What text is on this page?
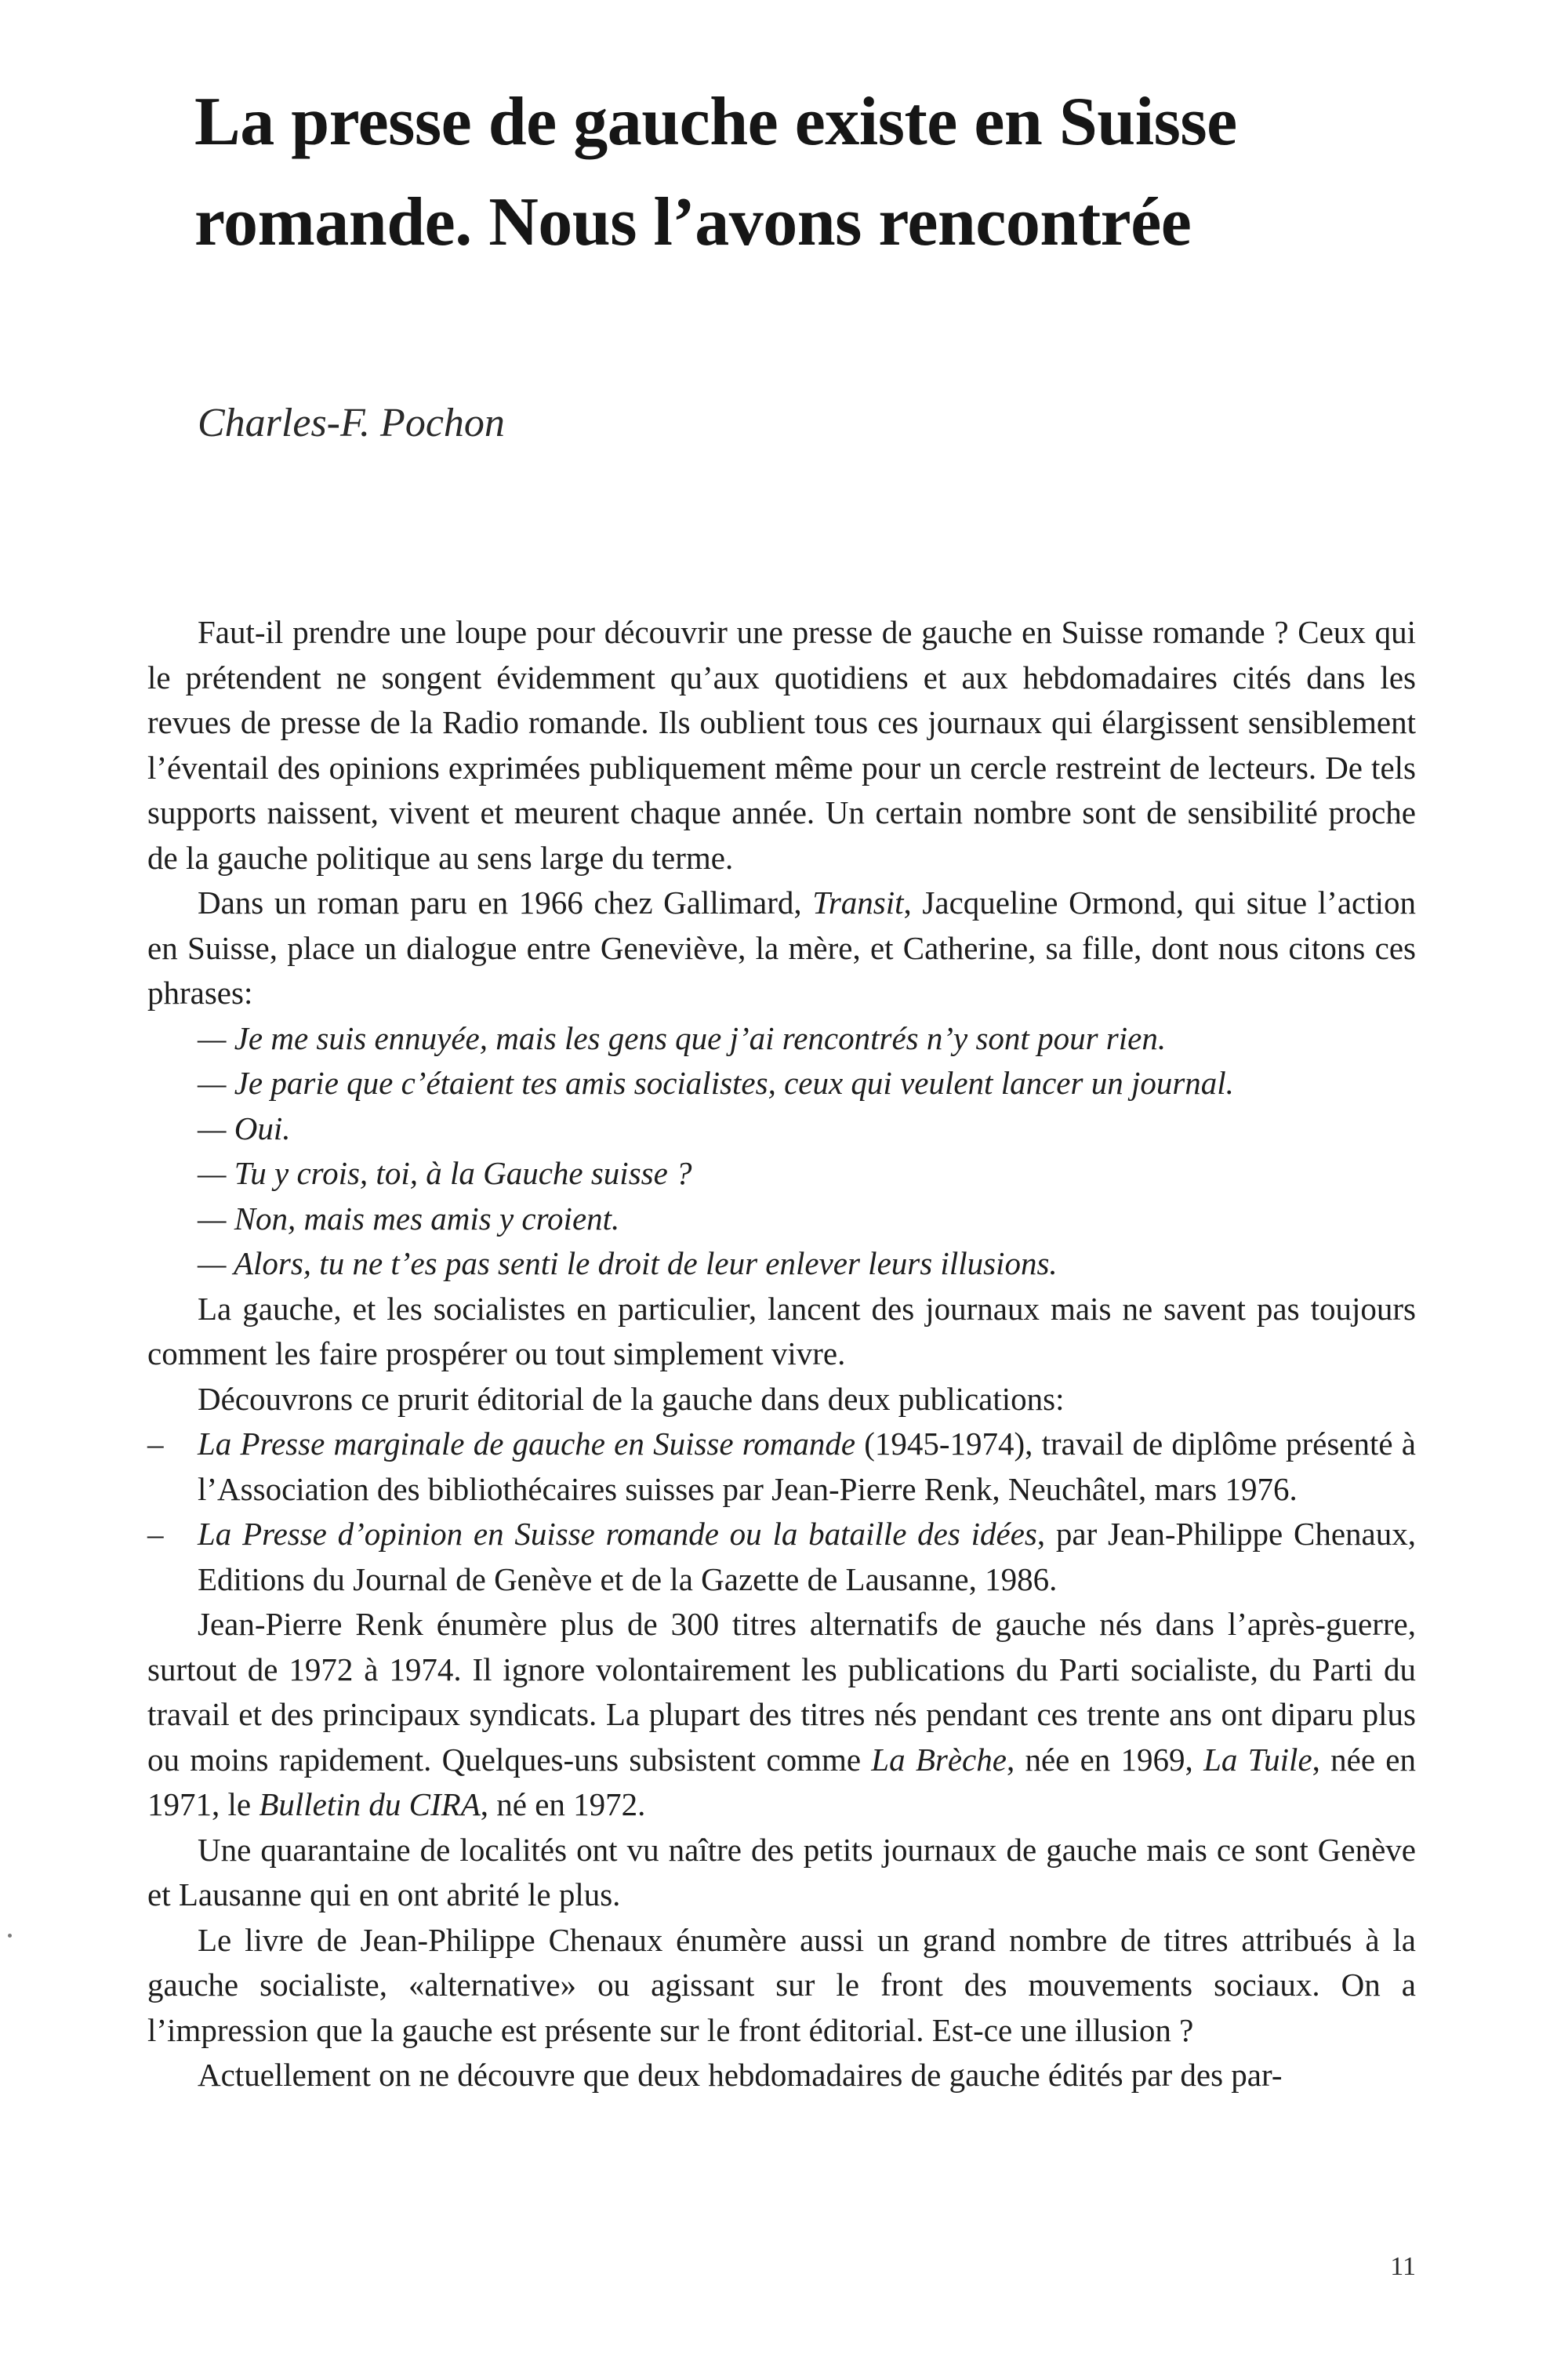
La presse de gauche existe en Suisse romande. Nous l’avons rencontrée

Charles-F. Pochon

Faut-il prendre une loupe pour découvrir une presse de gauche en Suisse romande ? Ceux qui le prétendent ne songent évidemment qu’aux quotidiens et aux hebdomadaires cités dans les revues de presse de la Radio romande. Ils oublient tous ces journaux qui élargissent sensiblement l’éventail des opinions exprimées publiquement même pour un cercle restreint de lecteurs. De tels supports naissent, vivent et meurent chaque année. Un certain nombre sont de sensibilité proche de la gauche politique au sens large du terme.

Dans un roman paru en 1966 chez Gallimard, Transit, Jacqueline Ormond, qui situe l’action en Suisse, place un dialogue entre Geneviève, la mère, et Catherine, sa fille, dont nous citons ces phrases:

— Je me suis ennuyée, mais les gens que j’ai rencontrés n’y sont pour rien.
— Je parie que c’étaient tes amis socialistes, ceux qui veulent lancer un journal.
— Oui.
— Tu y crois, toi, à la Gauche suisse ?
— Non, mais mes amis y croient.
— Alors, tu ne t’es pas senti le droit de leur enlever leurs illusions.

La gauche, et les socialistes en particulier, lancent des journaux mais ne savent pas toujours comment les faire prospérer ou tout simplement vivre.

Découvrons ce prurit éditorial de la gauche dans deux publications:

– La Presse marginale de gauche en Suisse romande (1945-1974), travail de diplôme présenté à l’Association des bibliothécaires suisses par Jean-Pierre Renk, Neuchâtel, mars 1976.
– La Presse d’opinion en Suisse romande ou la bataille des idées, par Jean-Philippe Chenaux, Editions du Journal de Genève et de la Gazette de Lausanne, 1986.

Jean-Pierre Renk énumère plus de 300 titres alternatifs de gauche nés dans l’après-guerre, surtout de 1972 à 1974. Il ignore volontairement les publications du Parti socialiste, du Parti du travail et des principaux syndicats. La plupart des titres nés pendant ces trente ans ont diparu plus ou moins rapidement. Quelques-uns subsistent comme La Brèche, née en 1969, La Tuile, née en 1971, le Bulletin du CIRA, né en 1972.

Une quarantaine de localités ont vu naître des petits journaux de gauche mais ce sont Genève et Lausanne qui en ont abrité le plus.

Le livre de Jean-Philippe Chenaux énumère aussi un grand nombre de titres attribués à la gauche socialiste, «alternative» ou agissant sur le front des mouvements sociaux. On a l’impression que la gauche est présente sur le front éditorial. Est-ce une illusion ?

Actuellement on ne découvre que deux hebdomadaires de gauche édités par des par-

11
